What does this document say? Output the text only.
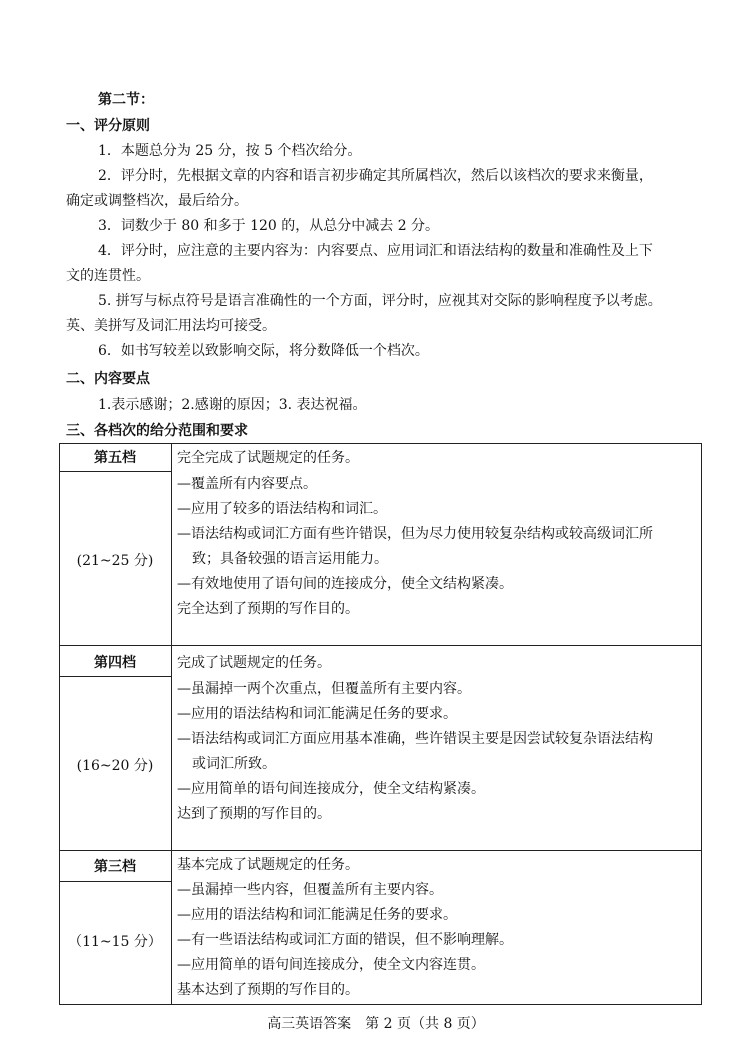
第二节：
一、评分原则
1．本题总分为 25 分，按 5 个档次给分。
2．评分时，先根据文章的内容和语言初步确定其所属档次，然后以该档次的要求来衡量，
确定或调整档次，最后给分。
3．词数少于 80 和多于 120 的，从总分中减去 2 分。
4．评分时，应注意的主要内容为：内容要点、应用词汇和语法结构的数量和准确性及上下
文的连贯性。
5. 拼写与标点符号是语言准确性的一个方面，评分时，应视其对交际的影响程度予以考虑。
英、美拼写及词汇用法均可接受。
6．如书写较差以致影响交际，将分数降低一个档次。
二、内容要点
1.表示感谢；2.感谢的原因；3. 表达祝福。
三、各档次的给分范围和要求
第五档
(21~25 分)
完全完成了试题规定的任务。
—覆盖所有内容要点。
—应用了较多的语法结构和词汇。
—语法结构或词汇方面有些许错误，但为尽力使用较复杂结构或较高级词汇所
致；具备较强的语言运用能力。
—有效地使用了语句间的连接成分，使全文结构紧凑。
完全达到了预期的写作目的。
第四档
(16~20 分)
完成了试题规定的任务。
—虽漏掉一两个次重点，但覆盖所有主要内容。
—应用的语法结构和词汇能满足任务的要求。
—语法结构或词汇方面应用基本准确，些许错误主要是因尝试较复杂语法结构
或词汇所致。
—应用简单的语句间连接成分，使全文结构紧凑。
达到了预期的写作目的。
第三档
（11~15 分）
基本完成了试题规定的任务。
—虽漏掉一些内容，但覆盖所有主要内容。
—应用的语法结构和词汇能满足任务的要求。
—有一些语法结构或词汇方面的错误，但不影响理解。
—应用简单的语句间连接成分，使全文内容连贯。
基本达到了预期的写作目的。
高三英语答案　第 2 页（共 8 页）
